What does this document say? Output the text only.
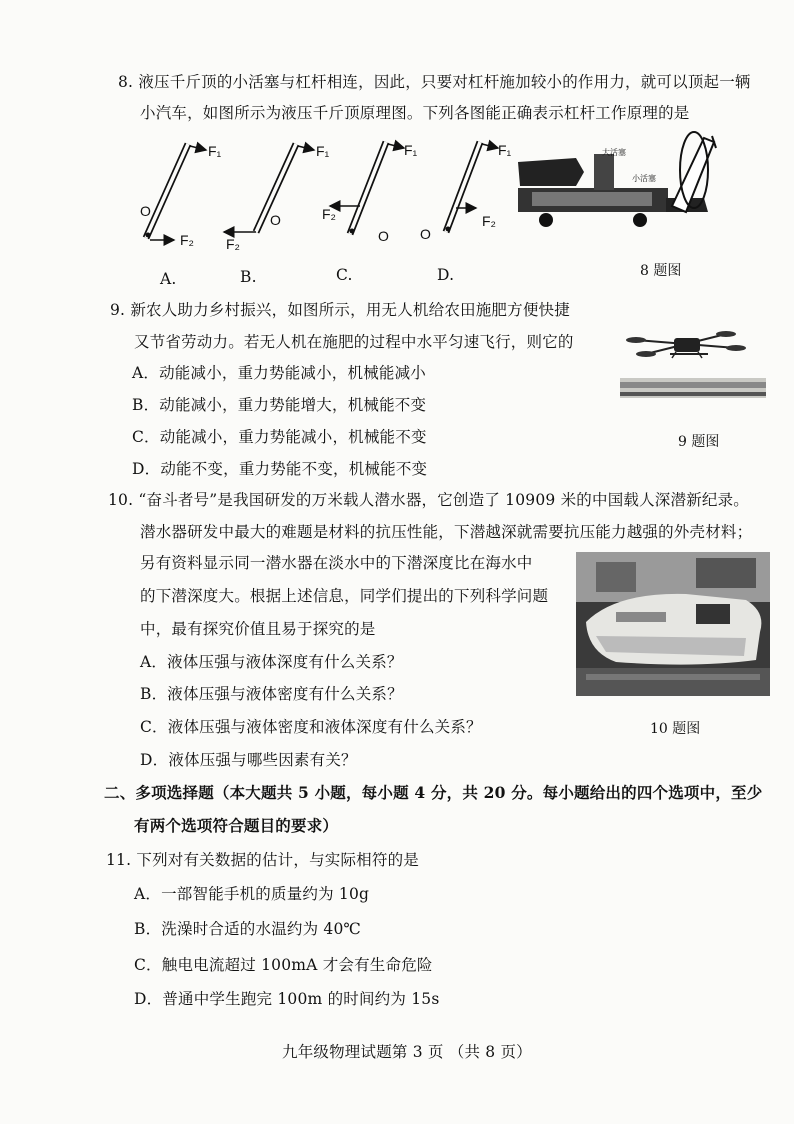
8. 液压千斤顶的小活塞与杠杆相连，因此，只要对杠杆施加较小的作用力，就可以顶起一辆
小汽车，如图所示为液压千斤顶原理图。下列各图能正确表示杠杆工作原理的是
F₁
O
F₂
F₁
O
F₂
F₁
F₂
O
F₁
O
F₂
A.	B.	C.	D.
大活塞
小活塞
8 题图
9. 新农人助力乡村振兴，如图所示，用无人机给农田施肥方便快捷
又节省劳动力。若无人机在施肥的过程中水平匀速飞行，则它的
A．动能减小，重力势能减小，机械能减小
B．动能减小，重力势能增大，机械能不变
C．动能减小，重力势能减小，机械能不变
D．动能不变，重力势能不变，机械能不变
9 题图
10. “奋斗者号”是我国研发的万米载人潜水器，它创造了 10909 米的中国载人深潜新纪录。
潜水器研发中最大的难题是材料的抗压性能，下潜越深就需要抗压能力越强的外壳材料；
另有资料显示同一潜水器在淡水中的下潜深度比在海水中
的下潜深度大。根据上述信息，同学们提出的下列科学问题
中，最有探究价值且易于探究的是
A．液体压强与液体深度有什么关系？
B．液体压强与液体密度有什么关系？
C．液体压强与液体密度和液体深度有什么关系？
D．液体压强与哪些因素有关？
10 题图
二、多项选择题（本大题共 5 小题，每小题 4 分，共 20 分。每小题给出的四个选项中，至少
有两个选项符合题目的要求）
11. 下列对有关数据的估计，与实际相符的是
A．一部智能手机的质量约为 10g
B．洗澡时合适的水温约为 40℃
C．触电电流超过 100mA 才会有生命危险
D．普通中学生跑完 100m 的时间约为 15s
九年级物理试题第 3 页 （共 8 页）
